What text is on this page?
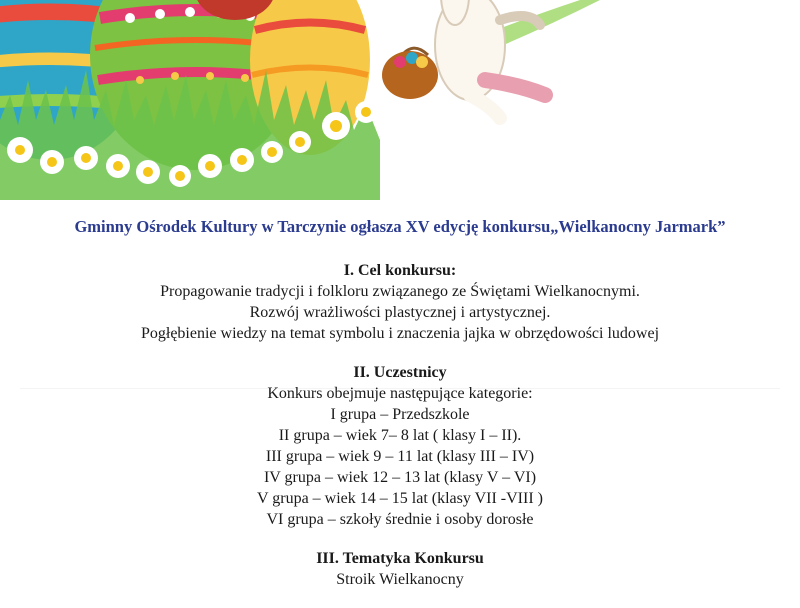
Gminny Ośrodek Kultury w Tarczynie ogłasza XV edycję konkursu„Wielkanocny Jarmark”

I. Cel konkursu:

Propagowanie tradycji i folkloru związanego ze Świętami Wielkanocnymi.

Rozwój wrażliwości plastycznej i artystycznej.

Pogłębienie wiedzy na temat symbolu i znaczenia jajka w obrzędowości ludowej

II. Uczestnicy

Konkurs obejmuje następujące kategorie:

I grupa – Przedszkole

II grupa – wiek 7– 8 lat ( klasy I – II).

III grupa – wiek 9 – 11 lat (klasy III – IV)

IV grupa – wiek 12 – 13 lat (klasy V – VI)

V grupa – wiek 14 – 15 lat (klasy VII -VIII )

VI grupa – szkoły średnie i osoby dorosłe

III. Tematyka Konkursu

Stroik Wielkanocny
